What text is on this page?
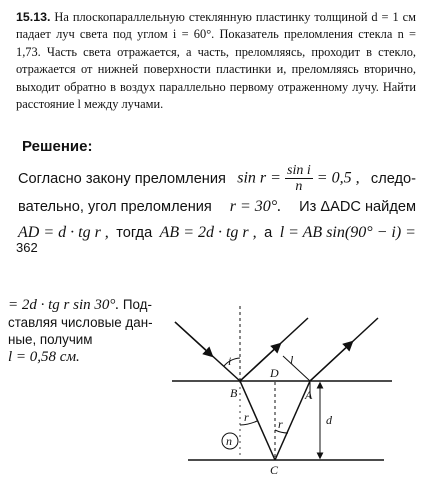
15.13. На плоскопараллельную стеклянную пластинку толщиной d = 1 см падает луч света под углом i = 60°. Показатель преломления стекла n = 1,73. Часть света отражается, а часть, преломляясь, проходит в стекло, отражается от нижней поверхности пластинки и, преломляясь вторично, выходит обратно в воздух параллельно первому отраженному лучу. Найти расстояние l между лучами.
Решение:
Согласно закону преломления $\sin r = \frac{\text{sin i}}{n} = 0,5$ , следо-
вательно, угол преломления r = 30°. Из ΔADC найдем
AD = d · tg r , тогда AB = 2d · tg r , а l = AB sin(90° − i) =
362
= 2d · tg r sin 30°. Под-
ставляя числовые дан-
ные, получим
l = 0,58 см.	i
D
l
B	A
r r	d
n
C
